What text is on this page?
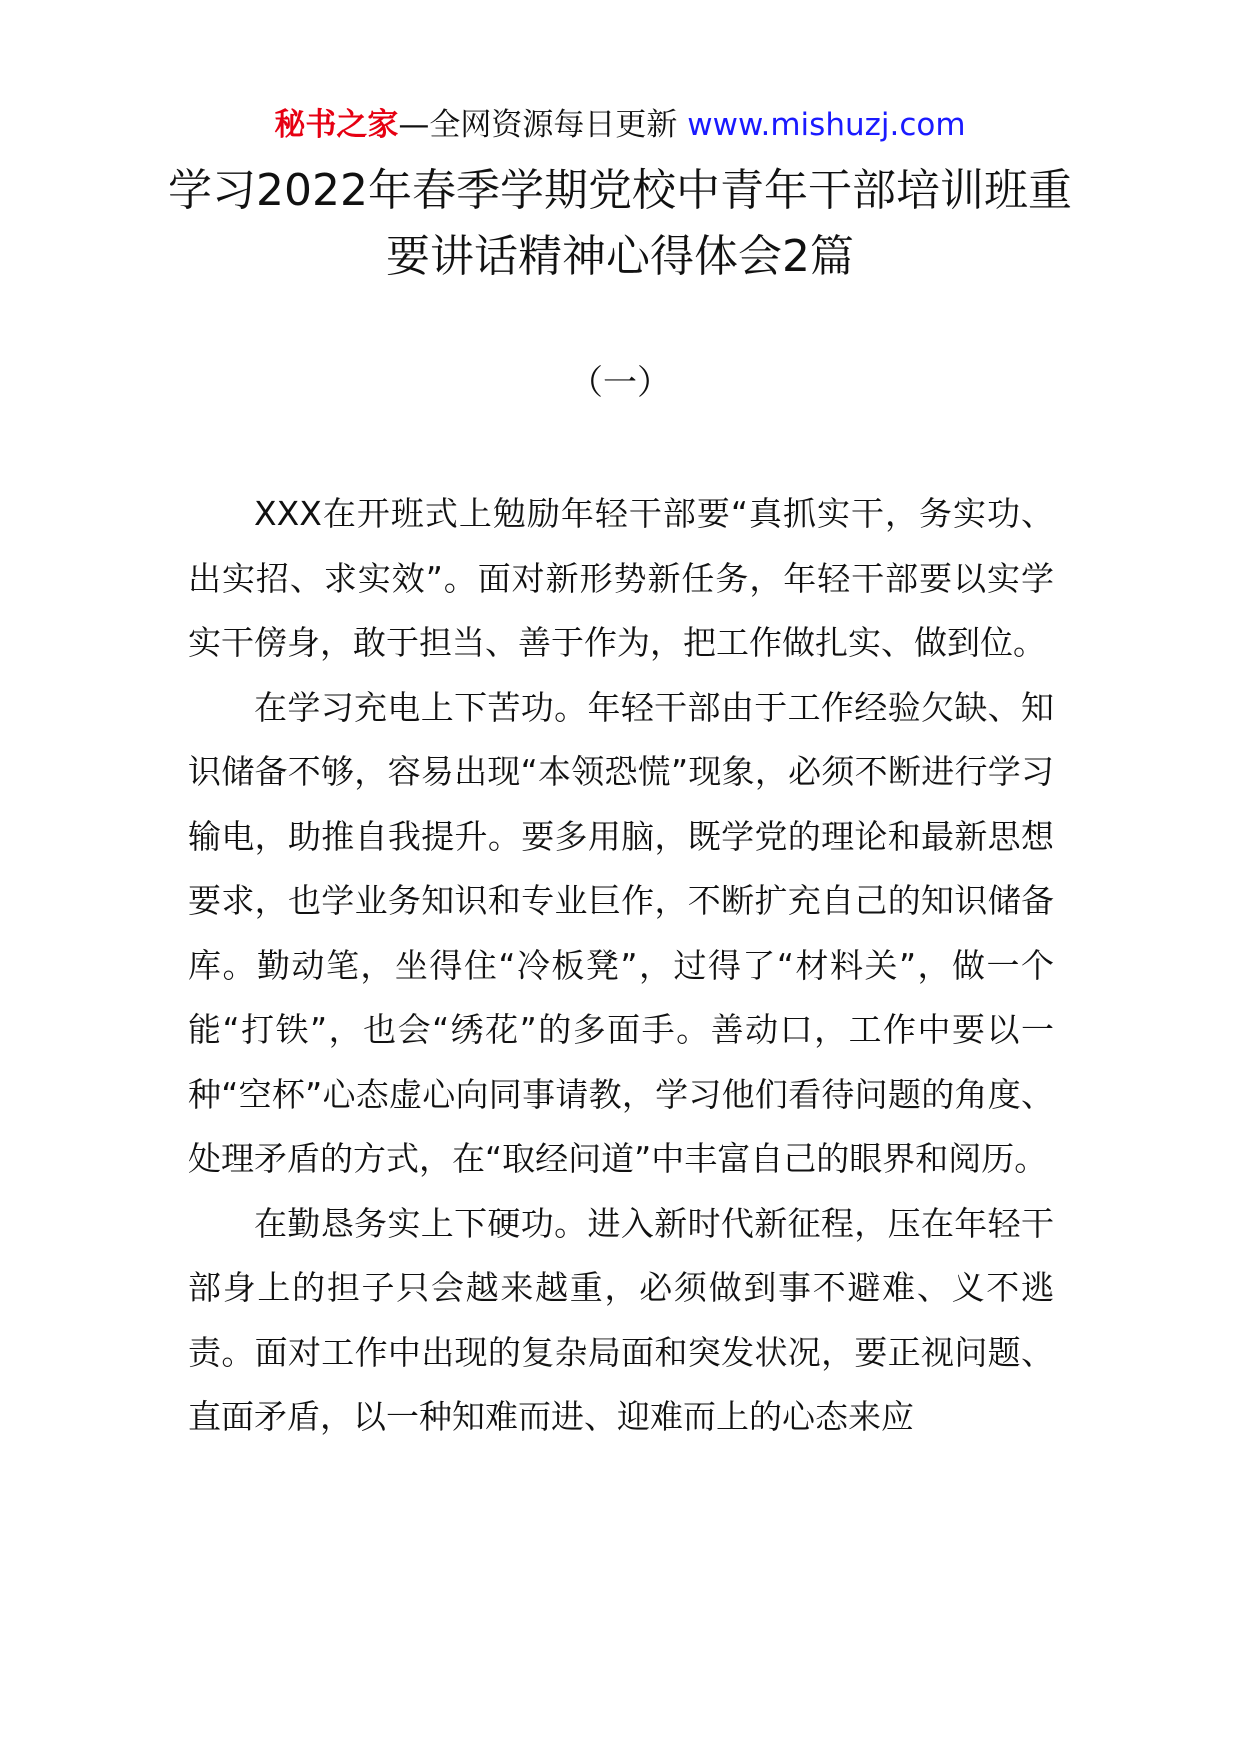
秘书之家—全网资源每日更新 www.mishuzj.com
学习2022年春季学期党校中青年干部培训班重要讲话精神心得体会2篇
（一）

XXX在开班式上勉励年轻干部要“真抓实干，务实功、出实招、求实效”。面对新形势新任务，年轻干部要以实学实干傍身，敢于担当、善于作为，把工作做扎实、做到位。

在学习充电上下苦功。年轻干部由于工作经验欠缺、知识储备不够，容易出现“本领恐慌”现象，必须不断进行学习输电，助推自我提升。要多用脑，既学党的理论和最新思想要求，也学业务知识和专业巨作，不断扩充自己的知识储备库。勤动笔，坐得住“冷板凳”，过得了“材料关”，做一个能“打铁”，也会“绣花”的多面手。善动口，工作中要以一种“空杯”心态虚心向同事请教，学习他们看待问题的角度、处理矛盾的方式，在“取经问道”中丰富自己的眼界和阅历。

在勤恳务实上下硬功。进入新时代新征程，压在年轻干部身上的担子只会越来越重，必须做到事不避难、义不逃责。面对工作中出现的复杂局面和突发状况，要正视问题、直面矛盾，以一种知难而进、迎难而上的心态来应
